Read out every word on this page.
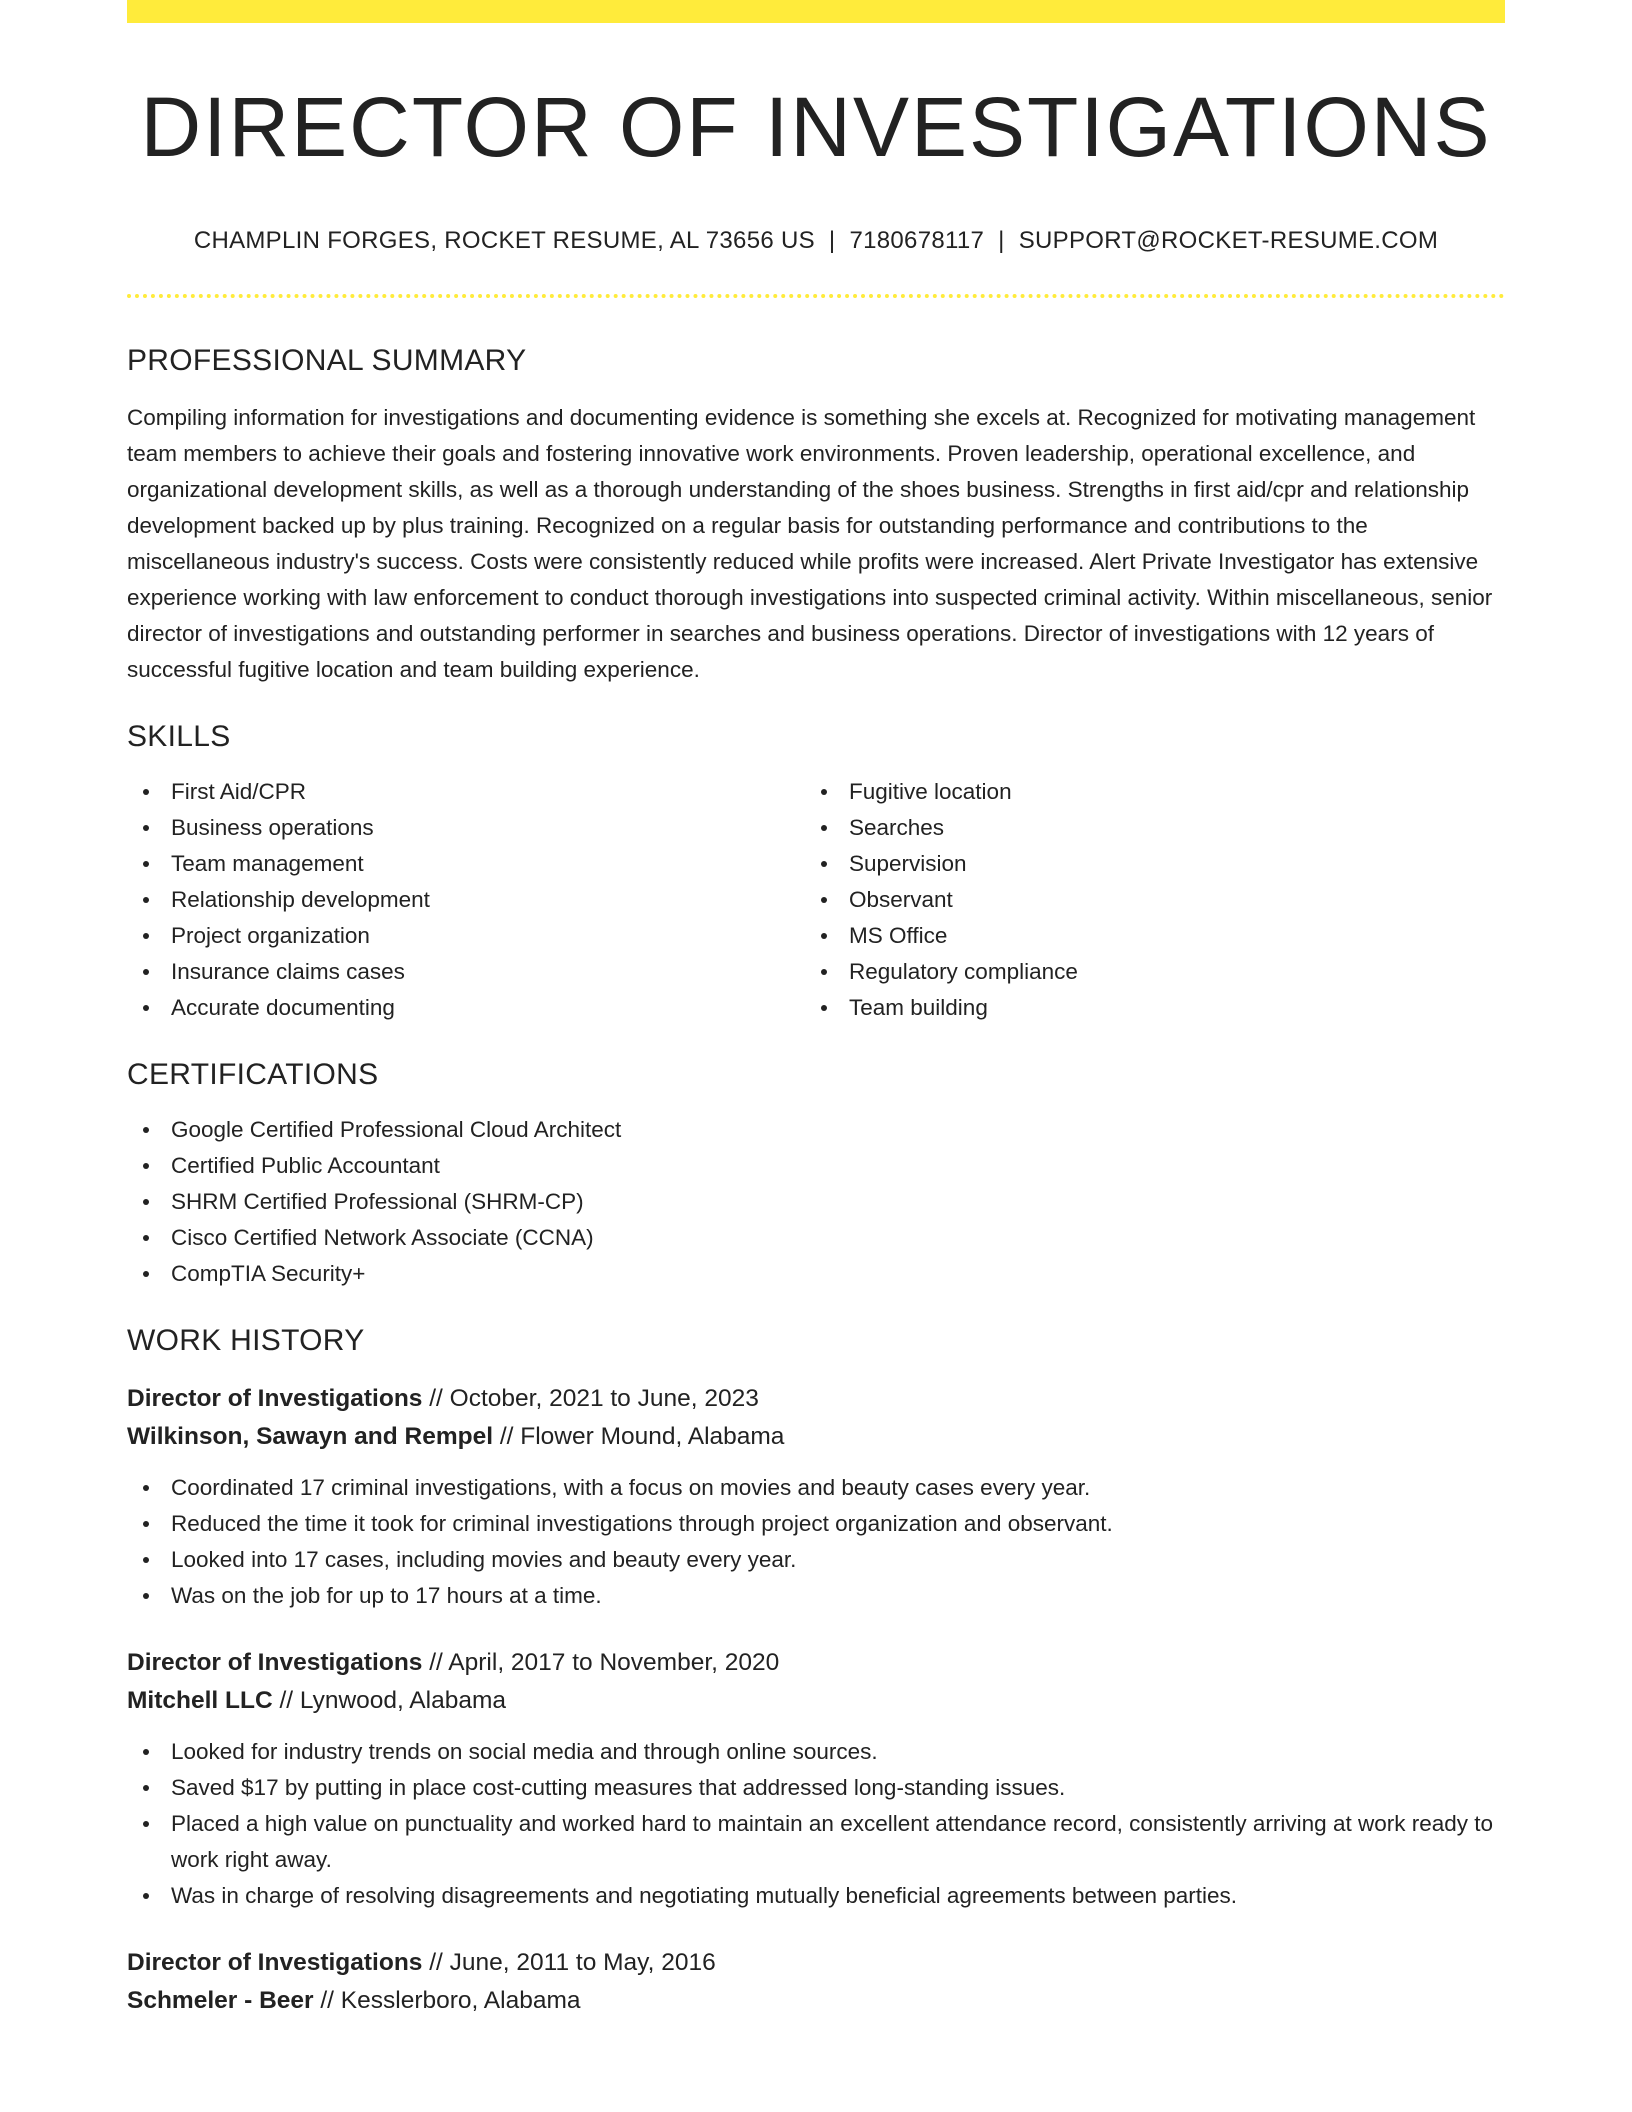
DIRECTOR OF INVESTIGATIONS
CHAMPLIN FORGES, ROCKET RESUME, AL 73656 US | 7180678117 | SUPPORT@ROCKET-RESUME.COM
PROFESSIONAL SUMMARY
Compiling information for investigations and documenting evidence is something she excels at. Recognized for motivating management team members to achieve their goals and fostering innovative work environments. Proven leadership, operational excellence, and organizational development skills, as well as a thorough understanding of the shoes business. Strengths in first aid/cpr and relationship development backed up by plus training. Recognized on a regular basis for outstanding performance and contributions to the miscellaneous industry's success. Costs were consistently reduced while profits were increased. Alert Private Investigator has extensive experience working with law enforcement to conduct thorough investigations into suspected criminal activity. Within miscellaneous, senior director of investigations and outstanding performer in searches and business operations. Director of investigations with 12 years of successful fugitive location and team building experience.
SKILLS
First Aid/CPR
Business operations
Team management
Relationship development
Project organization
Insurance claims cases
Accurate documenting
Fugitive location
Searches
Supervision
Observant
MS Office
Regulatory compliance
Team building
CERTIFICATIONS
Google Certified Professional Cloud Architect
Certified Public Accountant
SHRM Certified Professional (SHRM-CP)
Cisco Certified Network Associate (CCNA)
CompTIA Security+
WORK HISTORY
Director of Investigations // October, 2021 to June, 2023
Wilkinson, Sawayn and Rempel // Flower Mound, Alabama
Coordinated 17 criminal investigations, with a focus on movies and beauty cases every year.
Reduced the time it took for criminal investigations through project organization and observant.
Looked into 17 cases, including movies and beauty every year.
Was on the job for up to 17 hours at a time.
Director of Investigations // April, 2017 to November, 2020
Mitchell LLC // Lynwood, Alabama
Looked for industry trends on social media and through online sources.
Saved $17 by putting in place cost-cutting measures that addressed long-standing issues.
Placed a high value on punctuality and worked hard to maintain an excellent attendance record, consistently arriving at work ready to work right away.
Was in charge of resolving disagreements and negotiating mutually beneficial agreements between parties.
Director of Investigations // June, 2011 to May, 2016
Schmeler - Beer // Kesslerboro, Alabama
